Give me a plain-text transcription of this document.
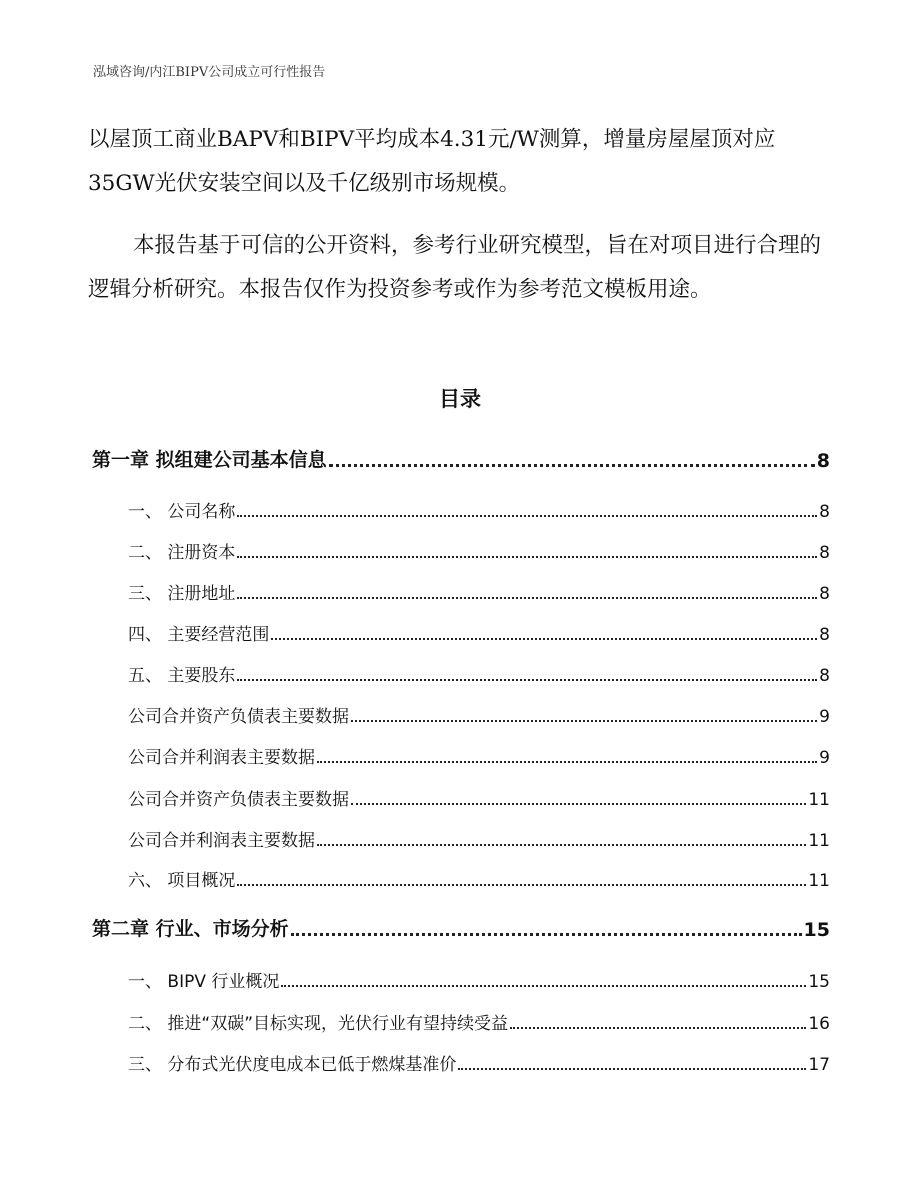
泓域咨询/内江BIPV公司成立可行性报告

以屋顶工商业BAPV和BIPV平均成本4.31元/W测算，增量房屋屋顶对应35GW光伏安装空间以及千亿级别市场规模。

本报告基于可信的公开资料，参考行业研究模型，旨在对项目进行合理的逻辑分析研究。本报告仅作为投资参考或作为参考范文模板用途。

目录
第一章 拟组建公司基本信息	8
一、 公司名称	8
二、 注册资本	8
三、 注册地址	8
四、 主要经营范围	8
五、 主要股东	8
公司合并资产负债表主要数据	9
公司合并利润表主要数据	9
公司合并资产负债表主要数据	11
公司合并利润表主要数据	11
六、 项目概况	11
第二章 行业、市场分析	15
一、 BIPV 行业概况	15
二、 推进“双碳”目标实现，光伏行业有望持续受益	16
三、 分布式光伏度电成本已低于燃煤基准价	17
